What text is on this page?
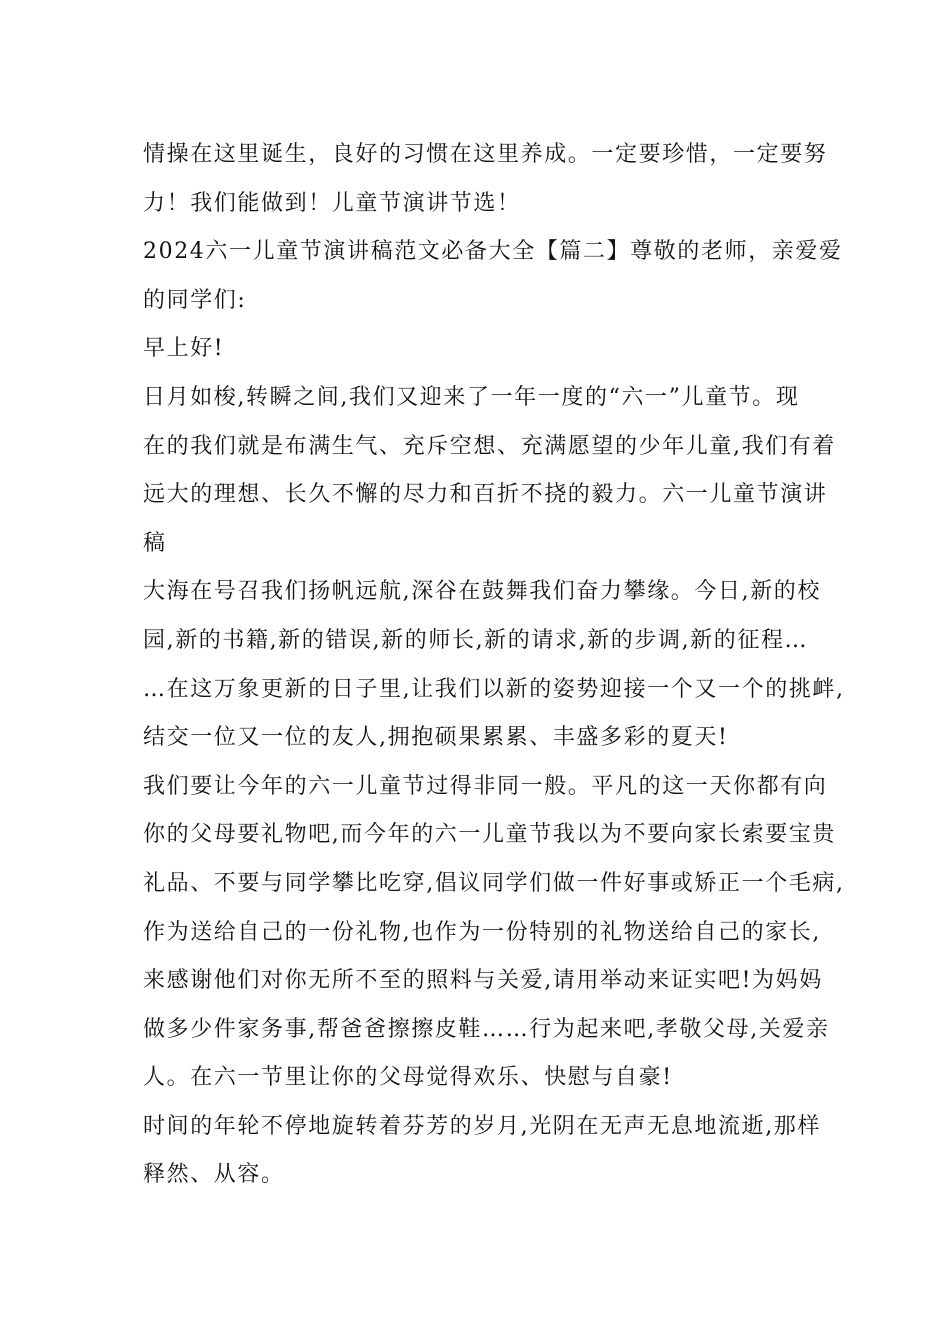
情操在这里诞生，良好的习惯在这里养成。一定要珍惜，一定要努
力！我们能做到！儿童节演讲节选！
2024六一儿童节演讲稿范文必备大全【篇二】尊敬的老师，亲爱爱
的同学们:
早上好!
日月如梭,转瞬之间,我们又迎来了一年一度的“六一”儿童节。现
在的我们就是布满生气、充斥空想、充满愿望的少年儿童,我们有着
远大的理想、长久不懈的尽力和百折不挠的毅力。六一儿童节演讲
稿
大海在号召我们扬帆远航,深谷在鼓舞我们奋力攀缘。今日,新的校
园,新的书籍,新的错误,新的师长,新的请求,新的步调,新的征程…
…在这万象更新的日子里,让我们以新的姿势迎接一个又一个的挑衅,
结交一位又一位的友人,拥抱硕果累累、丰盛多彩的夏天!
我们要让今年的六一儿童节过得非同一般。平凡的这一天你都有向
你的父母要礼物吧,而今年的六一儿童节我以为不要向家长索要宝贵
礼品、不要与同学攀比吃穿,倡议同学们做一件好事或矫正一个毛病,
作为送给自己的一份礼物,也作为一份特别的礼物送给自己的家长,
来感谢他们对你无所不至的照料与关爱,请用举动来证实吧!为妈妈
做多少件家务事,帮爸爸擦擦皮鞋……行为起来吧,孝敬父母,关爱亲
人。在六一节里让你的父母觉得欢乐、快慰与自豪!
时间的年轮不停地旋转着芬芳的岁月,光阴在无声无息地流逝,那样
释然、从容。
